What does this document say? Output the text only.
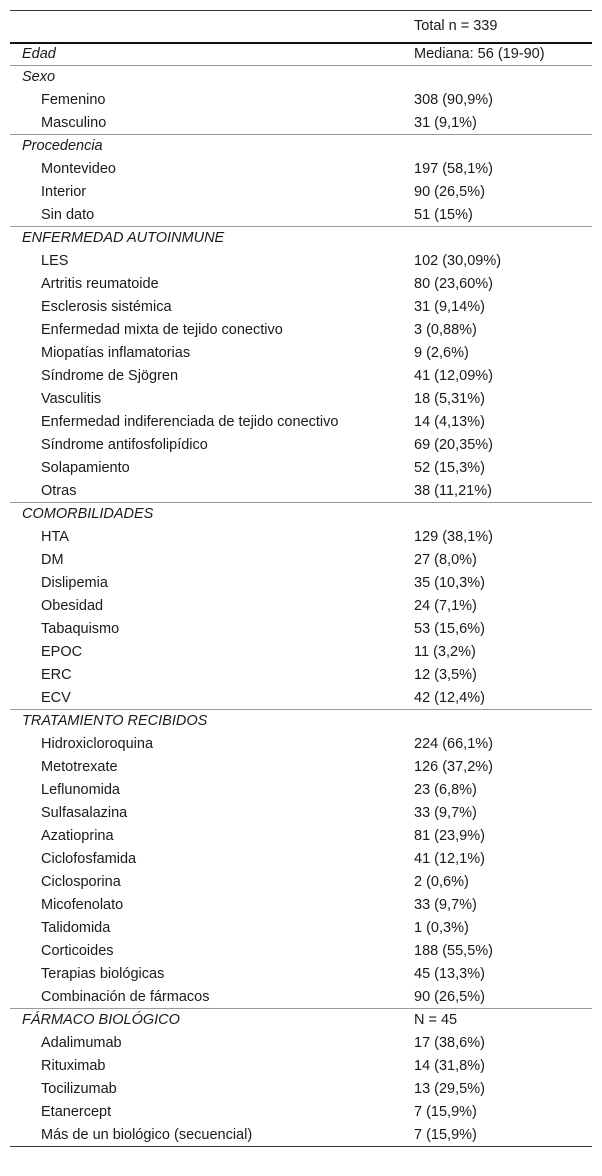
	Total n = 339
Edad	Mediana: 56 (19-90)
Sexo	
Femenino	308 (90,9%)
Masculino	31 (9,1%)
Procedencia	
Montevideo	197 (58,1%)
Interior	90 (26,5%)
Sin dato	51 (15%)
ENFERMEDAD AUTOINMUNE	
LES	102 (30,09%)
Artritis reumatoide	80 (23,60%)
Esclerosis sistémica	31 (9,14%)
Enfermedad mixta de tejido conectivo	3 (0,88%)
Miopatías inflamatorias	9 (2,6%)
Síndrome de Sjögren	41 (12,09%)
Vasculitis	18 (5,31%)
Enfermedad indiferenciada de tejido conectivo	14 (4,13%)
Síndrome antifosfolipídico	69 (20,35%)
Solapamiento	52 (15,3%)
Otras	38 (11,21%)
COMORBILIDADES	
HTA	129 (38,1%)
DM	27 (8,0%)
Dislipemia	35 (10,3%)
Obesidad	24 (7,1%)
Tabaquismo	53 (15,6%)
EPOC	11 (3,2%)
ERC	12 (3,5%)
ECV	42 (12,4%)
TRATAMIENTO RECIBIDOS	
Hidroxicloroquina	224 (66,1%)
Metotrexate	126 (37,2%)
Leflunomida	23 (6,8%)
Sulfasalazina	33 (9,7%)
Azatioprina	81 (23,9%)
Ciclofosfamida	41 (12,1%)
Ciclosporina	2 (0,6%)
Micofenolato	33 (9,7%)
Talidomida	1 (0,3%)
Corticoides	188 (55,5%)
Terapias biológicas	45 (13,3%)
Combinación de fármacos	90 (26,5%)
FÁRMACO BIOLÓGICO	N = 45
Adalimumab	17 (38,6%)
Rituximab	14 (31,8%)
Tocilizumab	13 (29,5%)
Etanercept	7 (15,9%)
Más de un biológico (secuencial)	7 (15,9%)
